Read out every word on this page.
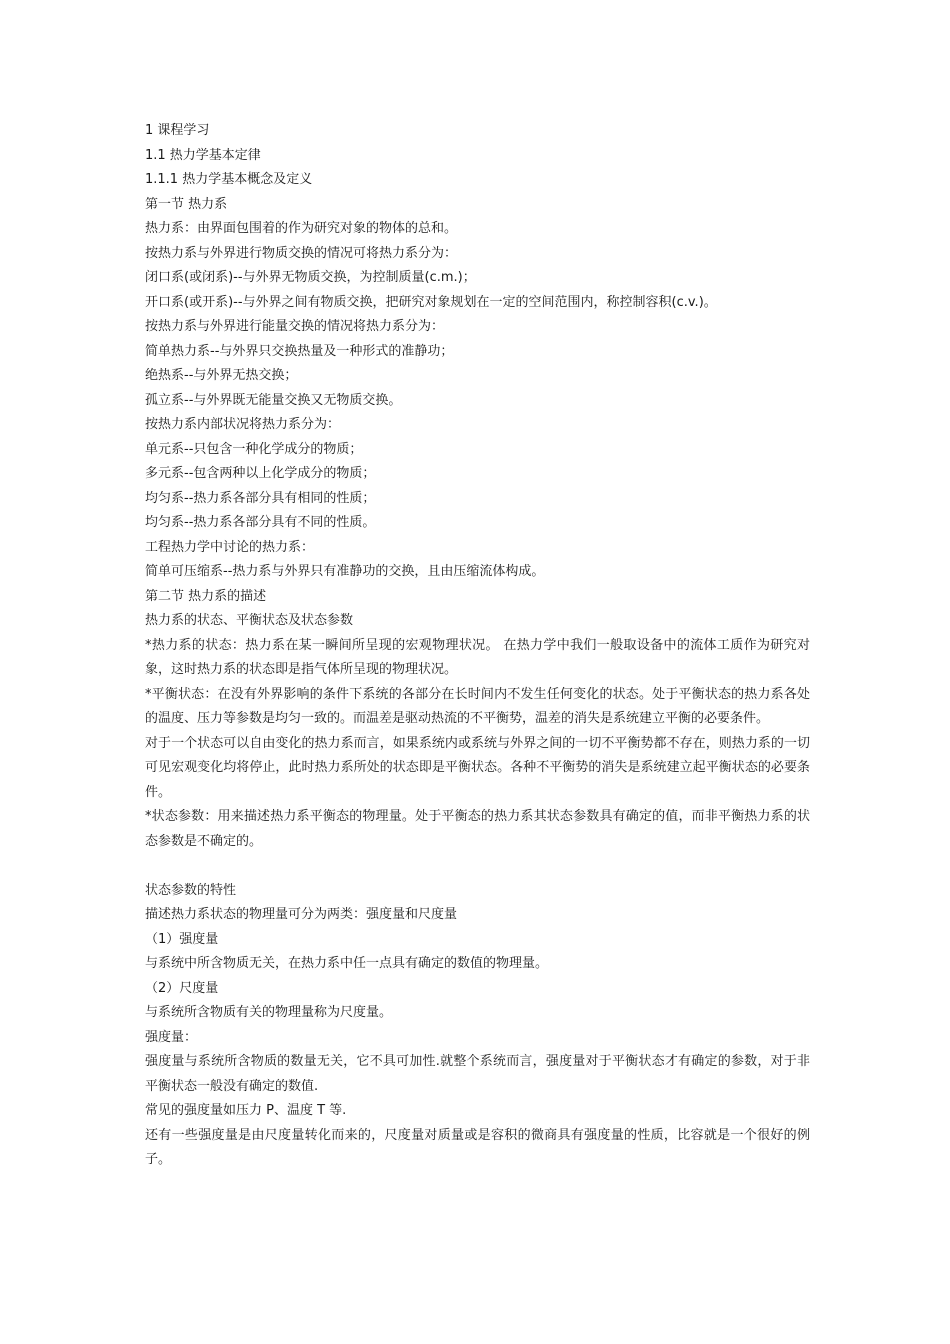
1 课程学习

1.1 热力学基本定律

1.1.1 热力学基本概念及定义

第一节 热力系

热力系：由界面包围着的作为研究对象的物体的总和。

按热力系与外界进行物质交换的情况可将热力系分为：

闭口系(或闭系)--与外界无物质交换，为控制质量(c.m.)；

开口系(或开系)--与外界之间有物质交换，把研究对象规划在一定的空间范围内，称控制容积(c.v.)。

按热力系与外界进行能量交换的情况将热力系分为：

简单热力系--与外界只交换热量及一种形式的准静功；

绝热系--与外界无热交换；

孤立系--与外界既无能量交换又无物质交换。

按热力系内部状况将热力系分为：

单元系--只包含一种化学成分的物质；

多元系--包含两种以上化学成分的物质；

均匀系--热力系各部分具有相同的性质；

均匀系--热力系各部分具有不同的性质。

工程热力学中讨论的热力系：

简单可压缩系--热力系与外界只有准静功的交换，且由压缩流体构成。

第二节 热力系的描述

热力系的状态、平衡状态及状态参数

*热力系的状态：热力系在某一瞬间所呈现的宏观物理状况。 在热力学中我们一般取设备中的流体工质作为研究对象，这时热力系的状态即是指气体所呈现的物理状况。

*平衡状态：在没有外界影响的条件下系统的各部分在长时间内不发生任何变化的状态。处于平衡状态的热力系各处的温度、压力等参数是均匀一致的。而温差是驱动热流的不平衡势，温差的消失是系统建立平衡的必要条件。

对于一个状态可以自由变化的热力系而言，如果系统内或系统与外界之间的一切不平衡势都不存在，则热力系的一切可见宏观变化均将停止，此时热力系所处的状态即是平衡状态。各种不平衡势的消失是系统建立起平衡状态的必要条件。

*状态参数：用来描述热力系平衡态的物理量。处于平衡态的热力系其状态参数具有确定的值，而非平衡热力系的状态参数是不确定的。

状态参数的特性

描述热力系状态的物理量可分为两类：强度量和尺度量

（1）强度量

与系统中所含物质无关，在热力系中任一点具有确定的数值的物理量。

（2）尺度量

与系统所含物质有关的物理量称为尺度量。

强度量：

强度量与系统所含物质的数量无关，它不具可加性.就整个系统而言，强度量对于平衡状态才有确定的参数，对于非平衡状态一般没有确定的数值.

常见的强度量如压力 P、温度 T 等.

还有一些强度量是由尺度量转化而来的，尺度量对质量或是容积的微商具有强度量的性质，比容就是一个很好的例子。
